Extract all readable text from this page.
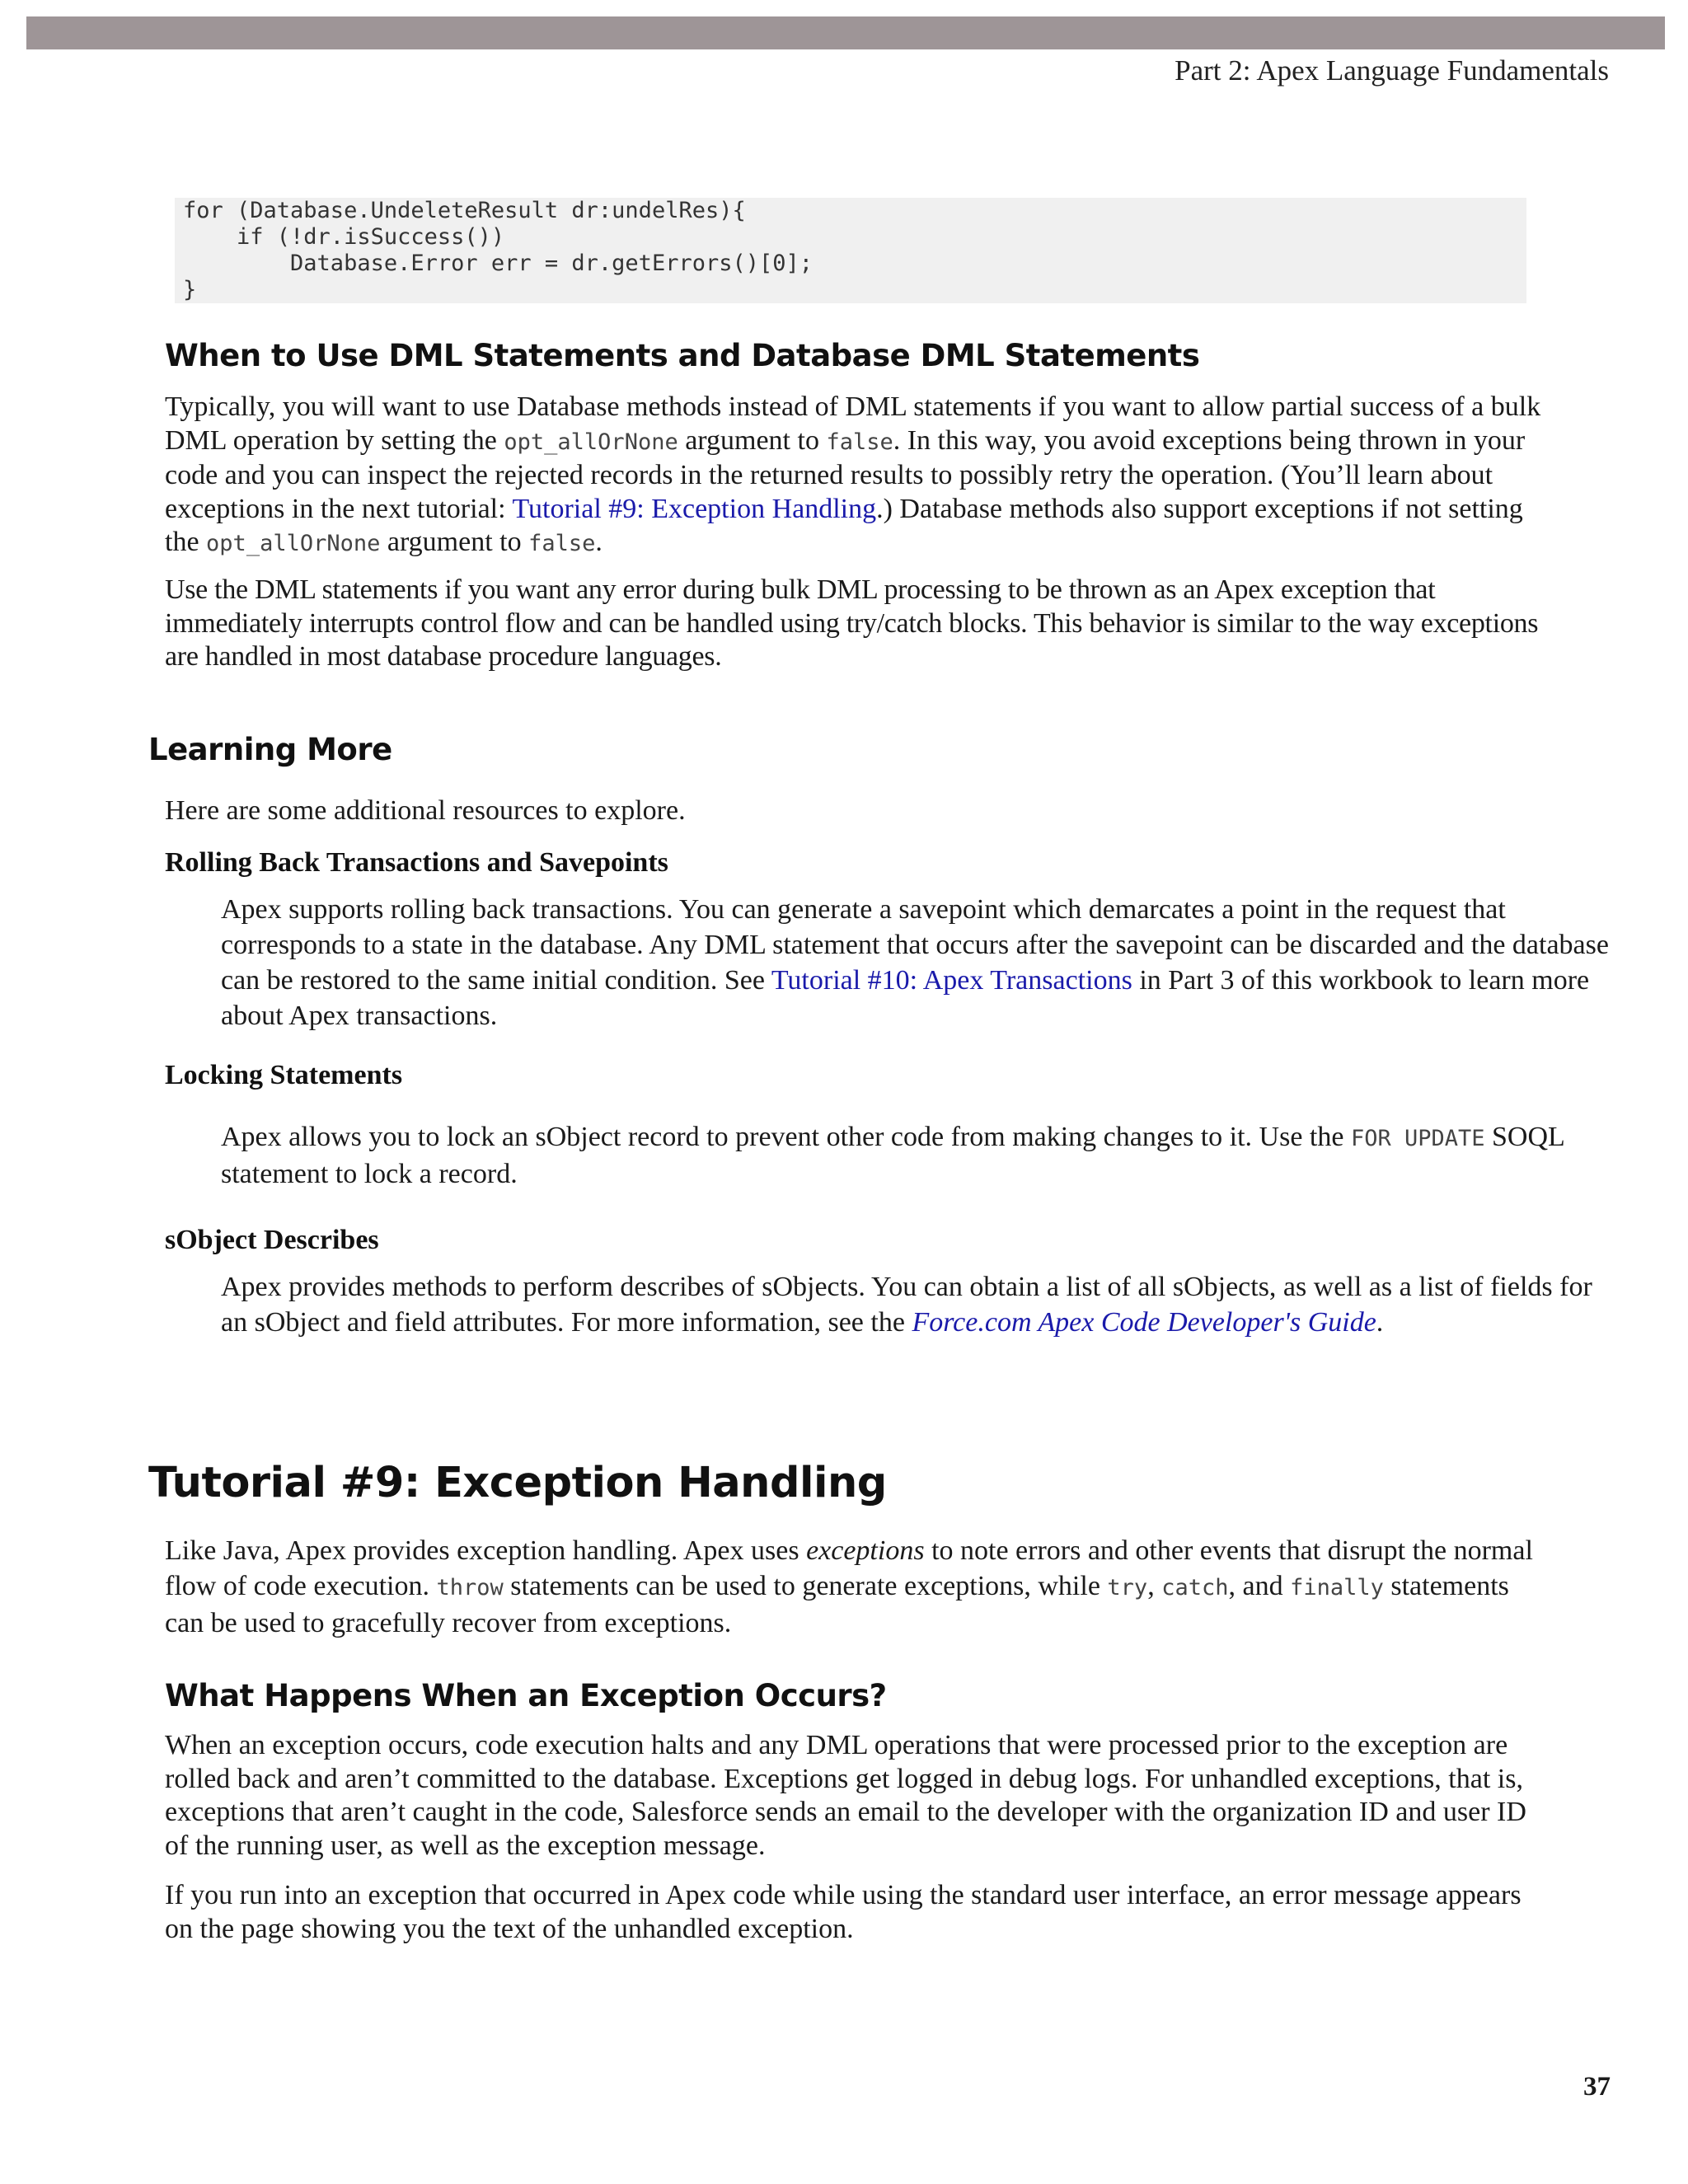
Part 2: Apex Language Fundamentals
for (Database.UndeleteResult dr:undelRes){
if (!dr.isSuccess())
Database.Error err = dr.getErrors()[0];
}
When to Use DML Statements and Database DML Statements
Typically, you will want to use Database methods instead of DML statements if you want to allow partial success of a bulk DML operation by setting the opt_allOrNone argument to false. In this way, you avoid exceptions being thrown in your code and you can inspect the rejected records in the returned results to possibly retry the operation. (You’ll learn about exceptions in the next tutorial: Tutorial #9: Exception Handling.) Database methods also support exceptions if not setting the opt_allOrNone argument to false.
Use the DML statements if you want any error during bulk DML processing to be thrown as an Apex exception that immediately interrupts control flow and can be handled using try/catch blocks. This behavior is similar to the way exceptions are handled in most database procedure languages.
Learning More
Here are some additional resources to explore.
Rolling Back Transactions and Savepoints
Apex supports rolling back transactions. You can generate a savepoint which demarcates a point in the request that corresponds to a state in the database. Any DML statement that occurs after the savepoint can be discarded and the database can be restored to the same initial condition. See Tutorial #10: Apex Transactions in Part 3 of this workbook to learn more about Apex transactions.
Locking Statements
Apex allows you to lock an sObject record to prevent other code from making changes to it. Use the FOR UPDATE SOQL statement to lock a record.
sObject Describes
Apex provides methods to perform describes of sObjects. You can obtain a list of all sObjects, as well as a list of fields for an sObject and field attributes. For more information, see the Force.com Apex Code Developer's Guide.
Tutorial #9: Exception Handling
Like Java, Apex provides exception handling. Apex uses exceptions to note errors and other events that disrupt the normal flow of code execution. throw statements can be used to generate exceptions, while try, catch, and finally statements can be used to gracefully recover from exceptions.
What Happens When an Exception Occurs?
When an exception occurs, code execution halts and any DML operations that were processed prior to the exception are rolled back and aren’t committed to the database. Exceptions get logged in debug logs. For unhandled exceptions, that is, exceptions that aren’t caught in the code, Salesforce sends an email to the developer with the organization ID and user ID of the running user, as well as the exception message.
If you run into an exception that occurred in Apex code while using the standard user interface, an error message appears on the page showing you the text of the unhandled exception.
37
